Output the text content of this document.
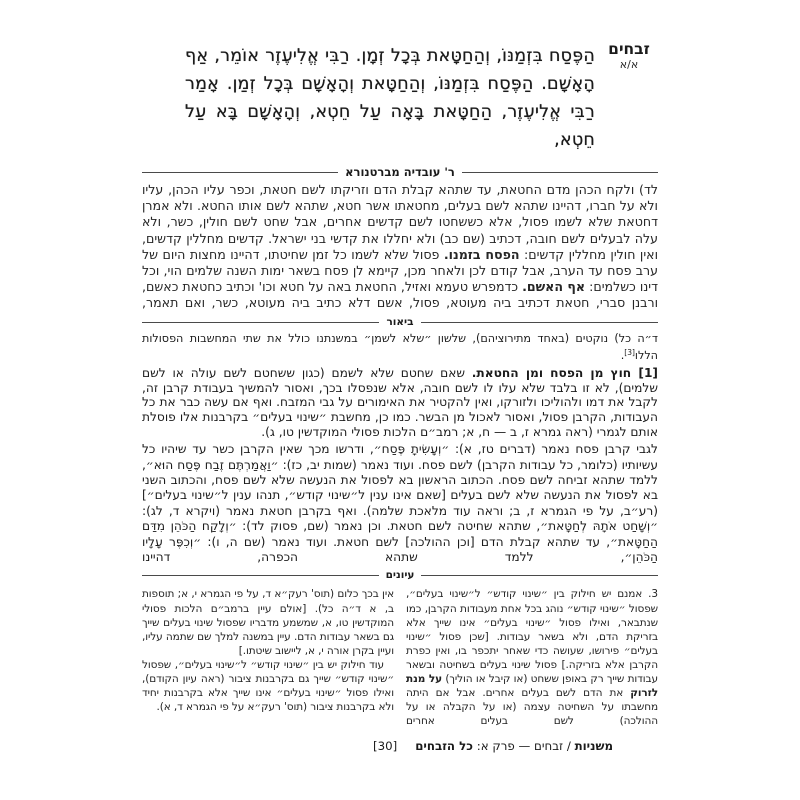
זבחים
א/א
הַפֶּסַח בִּזְמַנּוֹ, וְהַחַטָּאת בְּכָל זְמָן. רַבִּי אֱלִיעֶזֶר אוֹמֵר, אַף הָאָשָׁם. הַפֶּסַח בִּזְמַנּוֹ, וְהַחַטָּאת וְהָאָשָׁם בְּכָל זְמַן. אָמַר רַבִּי אֱלִיעֶזֶר, הַחַטָּאת בָּאָה עַל חֵטְא, וְהָאָשָׁם בָּא עַל חֵטְא,
ר' עובדיה מברטנורא
לד) ולקח הכהן מדם החטאת, עד שתהא קבלת הדם וזריקתו לשם חטאת, וכפר עליו הכהן, עליו ולא על חברו, דהיינו שתהא לשם בעלים, מחטאתו אשר חטא, שתהא לשם אותו החטא. ולא אמרן דחטאת שלא לשמו פסול, אלא כששחטו לשם קדשים אחרים, אבל שחט לשם חולין, כשר, ולא עלה לבעלים לשם חובה, דכתיב (שם כב) ולא יחללו את קדשי בני ישראל. קדשים מחללין קדשים, ואין חולין מחללין קדשים: הפסח בזמנו. פסול שלא לשמו כל זמן שחיטתו, דהיינו מחצות היום של ערב פסח עד הערב, אבל קודם לכן ולאחר מכן, קיימא לן פסח בשאר ימות השנה שלמים הוי, וכל דינו כשלמים: אף האשם. כדמפרש טעמא ואזיל, החטאת באה על חטא וכו' וכתיב כחטאת כאשם, ורבנן סברי, חטאת דכתיב ביה מעוטא, פסול, אשם דלא כתיב ביה מעוטא, כשר, ואם תאמר,
ביאור
ד״ה כל) נוקטים (באחד מתירוציהם), שלשון ״שלא לשמן״ במשנתנו כולל את שתי המחשבות הפסולות הללו[3].
[1] חוץ מן הפסח ומן החטאת. שאם שחטם שלא לשמם (כגון ששחטם לשם עולה או לשם שלמים), לא זו בלבד שלא עלו לו לשם חובה, אלא שנפסלו בכך, ואסור להמשיך בעבודת קרבן זה, לקבל את דמו ולהוליכו ולזורקו, ואין להקטיר את האימורים על גבי המזבח. ואף אם עשה כבר את כל העבודות, הקרבן פסול, ואסור לאכול מן הבשר. כמו כן, מחשבת ״שינוי בעלים״ בקרבנות אלו פוסלת אותם לגמרי (ראה גמרא ז, ב — ח, א; רמב״ם הלכות פסולי המוקדשין טו, ג).
לגבי קרבן פסח נאמר (דברים טז, א): ״וְעָשִׂיתָ פֶּסַח״, ודרשו מכך שאין הקרבן כשר עד שיהיו כל עשיותיו (כלומר, כל עבודות הקרבן) לשם פסח. ועוד נאמר (שמות יב, כז): ״וַאֲמַרְתֶּם זֶבַח פֶּסַח הוּא״, ללמד שתהא זביחה לשם פסח. הכתוב הראשון בא לפסול את הנעשה שלא לשם פסח, והכתוב השני בא לפסול את הנעשה שלא לשם בעלים [שאם אינו ענין ל״שינוי קודש״, תנהו ענין ל״שינוי בעלים״] (רע״ב, על פי הגמרא ז, ב; וראה עוד מלאכת שלמה). ואף בקרבן חטאת נאמר (ויקרא ד, לג): ״וְשָׁחַט אֹתָהּ לְחַטָּאת״, שתהא שחיטה לשם חטאת. וכן נאמר (שם, פסוק לד): ״וְלָקַח הַכֹּהֵן מִדַּם הַחַטָּאת״, עד שתהא קבלת הדם [וכן ההולכה] לשם חטאת. ועוד נאמר (שם ה, ו): ״וְכִפֶּר עָלָיו הַכֹּהֵן״, ללמד שתהא הכפרה, דהיינו
עיונים
3. אמנם יש חילוק בין ״שינוי קודש״ ל״שינוי בעלים״, שפסול ״שינוי קודש״ נוהג בכל אחת מעבודות הקרבן, כמו שנתבאר, ואילו פסול ״שינוי בעלים״ אינו שייך אלא בזריקת הדם, ולא בשאר עבודות. [שכן פסול ״שינוי בעלים״ פירושו, שעושה כדי שאחר יתכפר בו, ואין כפרת הקרבן אלא בזריקה.] פסול שינוי בעלים בשחיטה ובשאר עבודות שייך רק באופן ששחט (או קיבל או הוליך) על מנת לזרוק את הדם לשם בעלים אחרים. אבל אם היתה מחשבתו על השחיטה עצמה (או על הקבלה או על ההולכה) לשם בעלים אחרים
אין בכך כלום (תוס' רעק״א ד, על פי הגמרא י, א; תוספות ב, א ד״ה כל). [אולם עיין ברמב״ם הלכות פסולי המוקדשין טו, א, שמשמע מדבריו שפסול שינוי בעלים שייך גם בשאר עבודות הדם. עיין במשנה למלך שם שתמה עליו, ועיין בקרן אורה י, א, ליישוב שיטתו.]
עוד חילוק יש בין ״שינוי קודש״ ל״שינוי בעלים״, שפסול ״שינוי קודש״ שייך גם בקרבנות ציבור (ראה עיון הקודם), ואילו פסול ״שינוי בעלים״ אינו שייך אלא בקרבנות יחיד ולא בקרבנות ציבור (תוס' רעק״א על פי הגמרא ד, א).
משניות / זבחים — פרק א: כל הזבחים[30]
